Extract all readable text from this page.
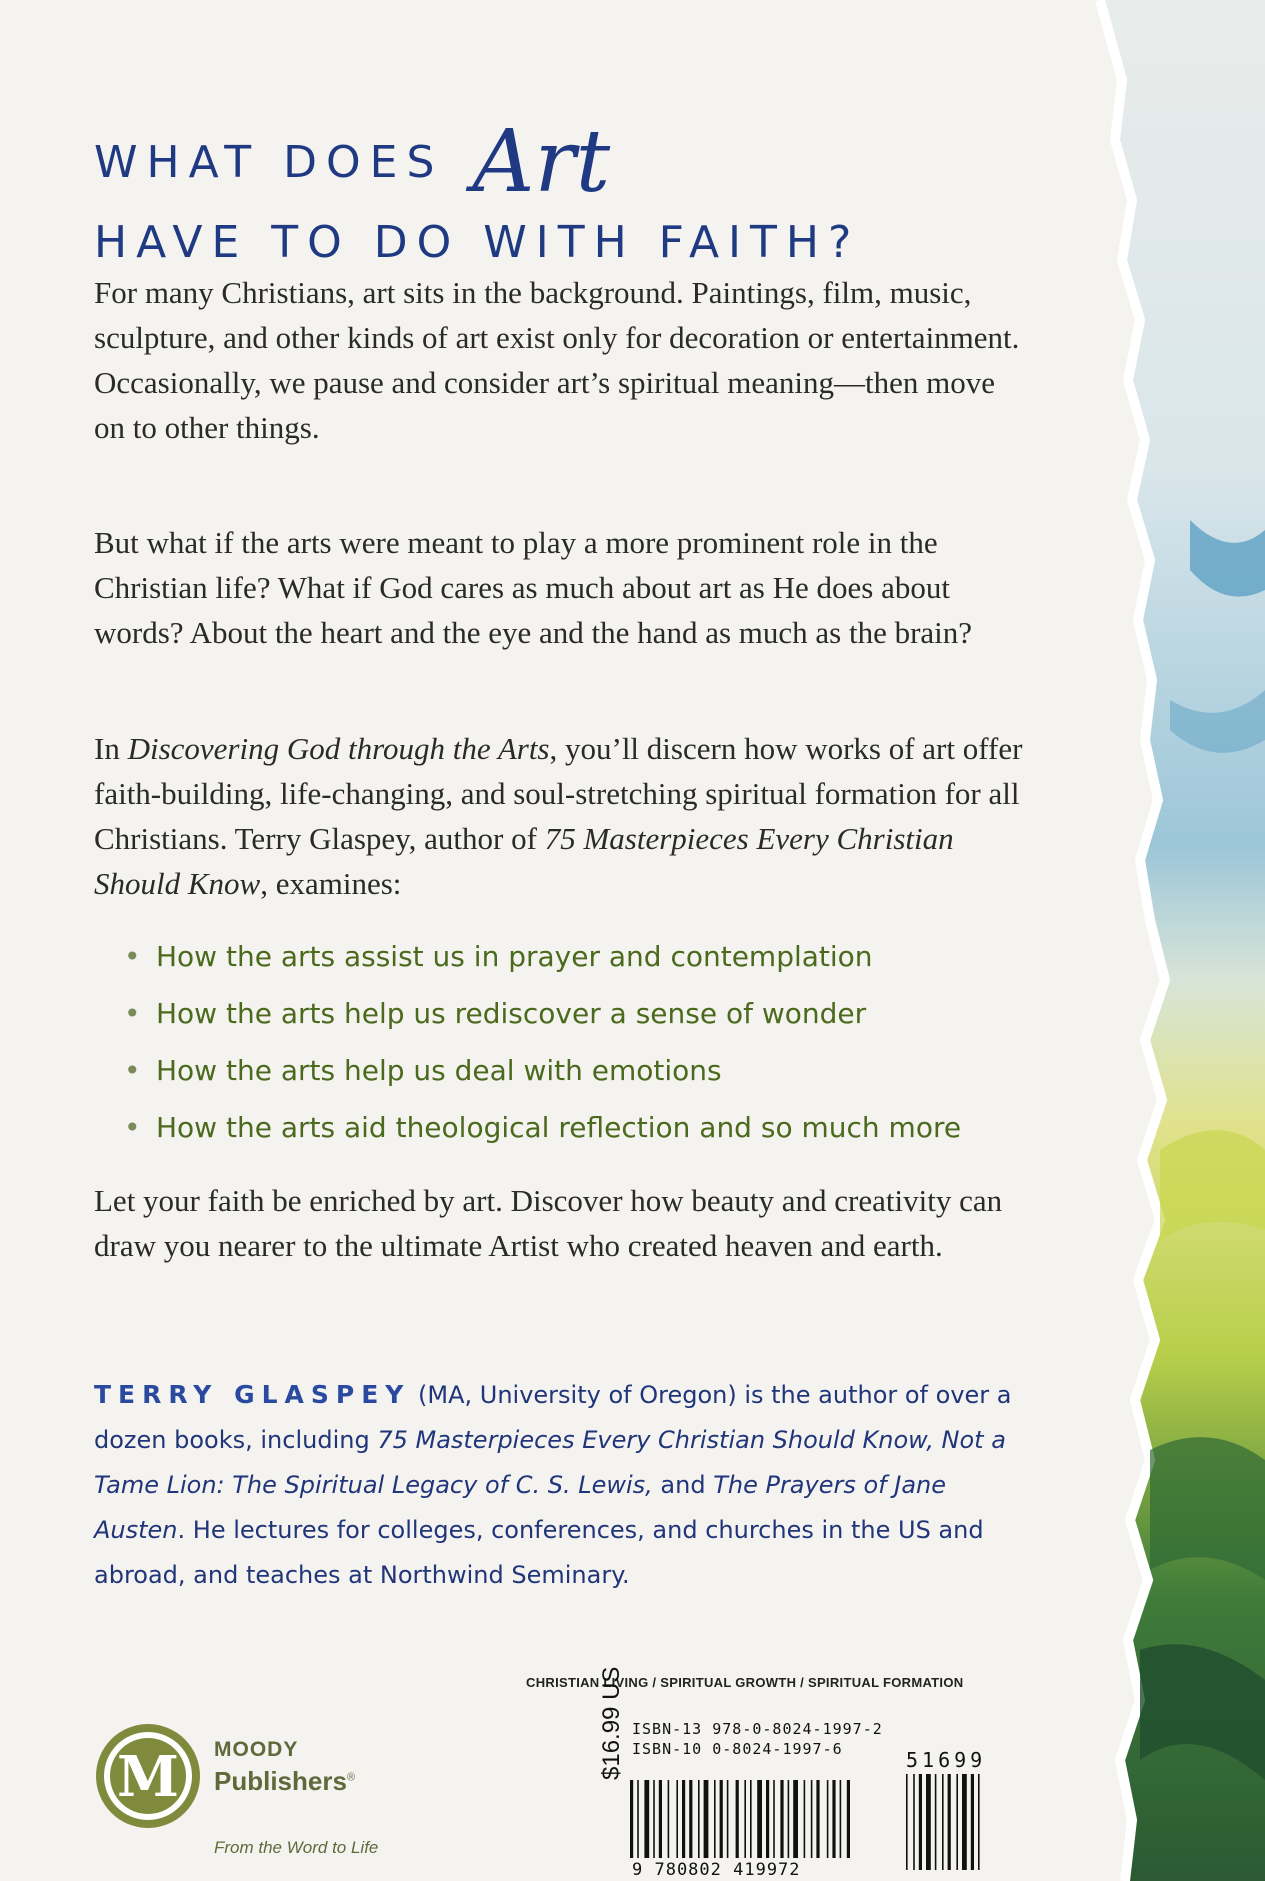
WHAT DOES Art
HAVE TO DO WITH FAITH?
For many Christians, art sits in the background. Paintings, film, music, sculpture, and other kinds of art exist only for decoration or entertainment. Occasionally, we pause and consider art’s spiritual meaning—then move on to other things.
But what if the arts were meant to play a more prominent role in the Christian life? What if God cares as much about art as He does about words? About the heart and the eye and the hand as much as the brain?
In Discovering God through the Arts, you’ll discern how works of art offer faith-building, life-changing, and soul-stretching spiritual formation for all Christians. Terry Glaspey, author of 75 Masterpieces Every Christian Should Know, examines:
• How the arts assist us in prayer and contemplation
• How the arts help us rediscover a sense of wonder
• How the arts help us deal with emotions
• How the arts aid theological reflection and so much more
Let your faith be enriched by art. Discover how beauty and creativity can draw you nearer to the ultimate Artist who created heaven and earth.
TERRY GLASPEY (MA, University of Oregon) is the author of over a dozen books, including 75 Masterpieces Every Christian Should Know, Not a Tame Lion: The Spiritual Legacy of C. S. Lewis, and The Prayers of Jane Austen. He lectures for colleges, conferences, and churches in the US and abroad, and teaches at Northwind Seminary.
CHRISTIAN LIVING / SPIRITUAL GROWTH / SPIRITUAL FORMATION
M MOODY
Publishers®
From the Word to Life
$16.99 US ISBN-13 978-0-8024-1997-2
ISBN-10 0-8024-1997-6	51699
9 780802 419972
